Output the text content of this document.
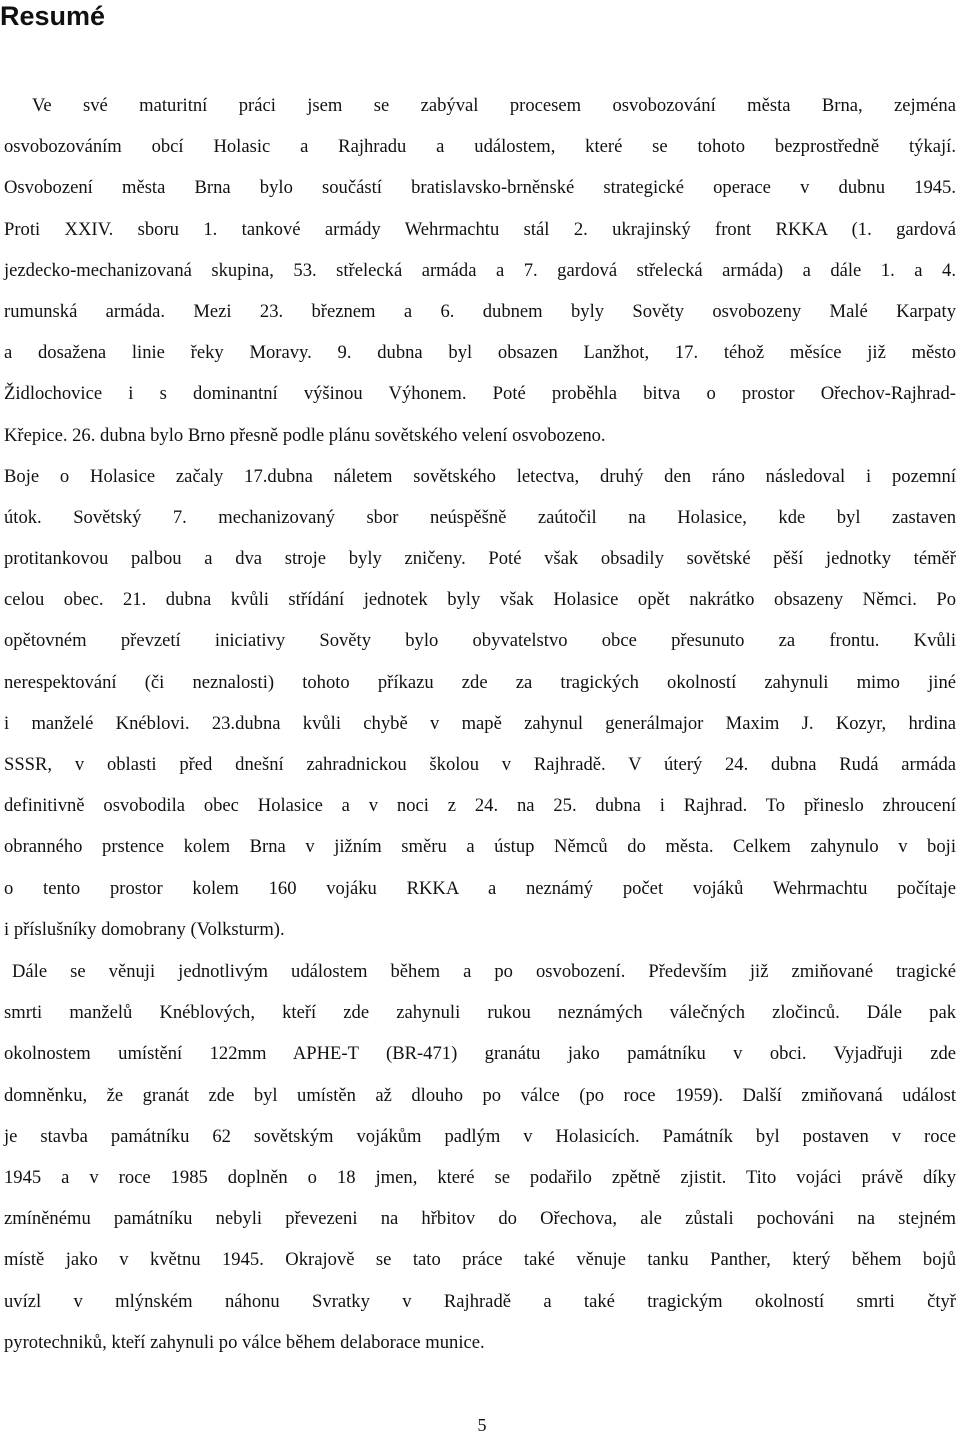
Resumé
Ve své maturitní práci jsem se zabýval procesem osvobozování města Brna, zejména
osvobozováním obcí Holasic a Rajhradu a událostem, které se tohoto bezprostředně týkají.
Osvobození města Brna bylo součástí bratislavsko-brněnské strategické operace v dubnu 1945.
Proti XXIV. sboru 1. tankové armády Wehrmachtu stál 2. ukrajinský front RKKA (1. gardová
jezdecko-mechanizovaná skupina, 53. střelecká armáda a 7. gardová střelecká armáda) a dále 1. a 4.
rumunská armáda. Mezi 23. březnem a 6. dubnem byly Sověty osvobozeny Malé Karpaty
a dosažena linie řeky Moravy. 9. dubna byl obsazen Lanžhot, 17. téhož měsíce již město
Židlochovice i s dominantní výšinou Výhonem. Poté proběhla bitva o prostor Ořechov-Rajhrad-
Křepice. 26. dubna bylo Brno přesně podle plánu sovětského velení osvobozeno.
Boje o Holasice začaly 17.dubna náletem sovětského letectva, druhý den ráno následoval i pozemní
útok. Sovětský 7. mechanizovaný sbor neúspěšně zaútočil na Holasice, kde byl zastaven
protitankovou palbou a dva stroje byly zničeny. Poté však obsadily sovětské pěší jednotky téměř
celou obec. 21. dubna kvůli střídání jednotek byly však Holasice opět nakrátko obsazeny Němci. Po
opětovném převzetí iniciativy Sověty bylo obyvatelstvo obce přesunuto za frontu. Kvůli
nerespektování (či neznalosti) tohoto příkazu zde za tragických okolností zahynuli mimo jiné
i manželé Knéblovi. 23.dubna kvůli chybě v mapě zahynul generálmajor Maxim J. Kozyr, hrdina
SSSR, v oblasti před dnešní zahradnickou školou v Rajhradě. V úterý 24. dubna Rudá armáda
definitivně osvobodila obec Holasice a v noci z 24. na 25. dubna i Rajhrad. To přineslo zhroucení
obranného prstence kolem Brna v jižním směru a ústup Němců do města. Celkem zahynulo v boji
o tento prostor kolem 160 vojáku RKKA a neznámý počet vojáků Wehrmachtu počítaje
i příslušníky domobrany (Volksturm).
Dále se věnuji jednotlivým událostem během a po osvobození. Především již zmiňované tragické
smrti manželů Knéblových, kteří zde zahynuli rukou neznámých válečných zločinců. Dále pak
okolnostem umístění 122mm APHE-T (BR-471) granátu jako památníku v obci. Vyjadřuji zde
domněnku, že granát zde byl umístěn až dlouho po válce (po roce 1959). Další zmiňovaná událost
je stavba památníku 62 sovětským vojákům padlým v Holasicích. Památník byl postaven v roce
1945 a v roce 1985 doplněn o 18 jmen, které se podařilo zpětně zjistit. Tito vojáci právě díky
zmíněnému památníku nebyli převezeni na hřbitov do Ořechova, ale zůstali pochováni na stejném
místě jako v květnu 1945. Okrajově se tato práce také věnuje tanku Panther, který během bojů
uvízl v mlýnském náhonu Svratky v Rajhradě a také tragickým okolností smrti čtyř
pyrotechniků, kteří zahynuli po válce během delaborace munice.
5
